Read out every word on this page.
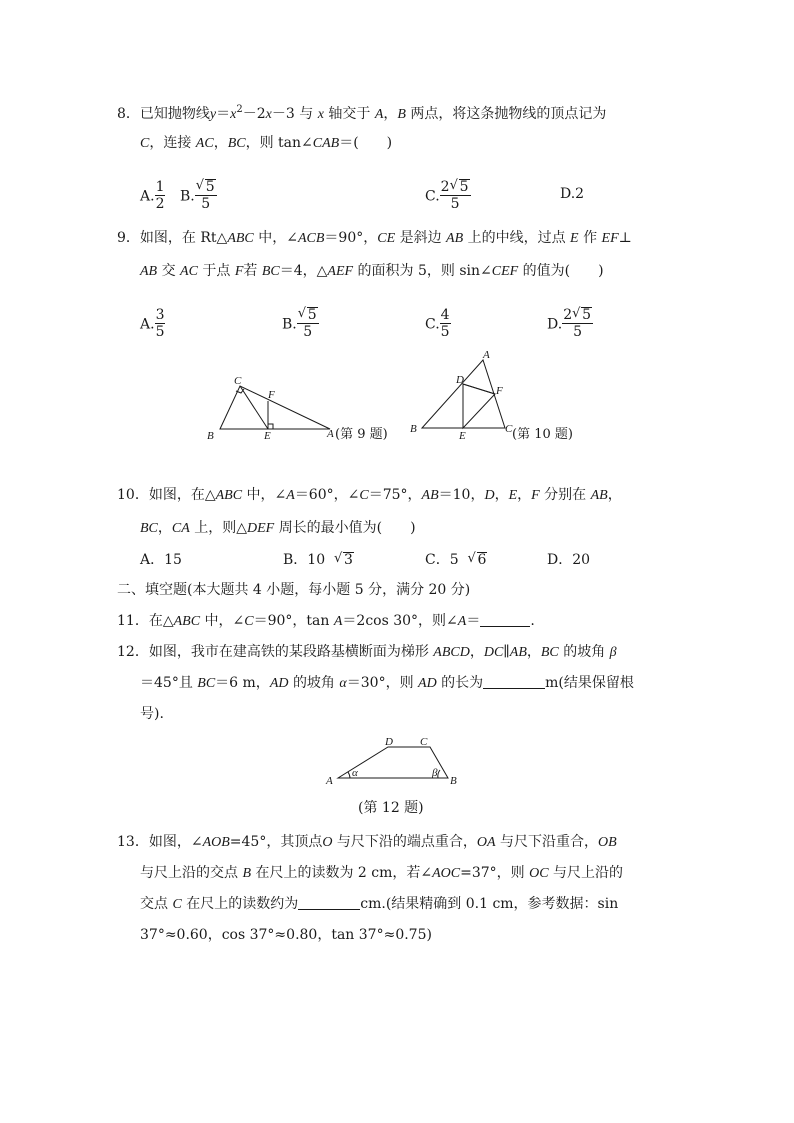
8．已知抛物线$y=x^2-2x-3$ 与 x 轴交于 A，B 两点，将这条抛物线的顶点记为
C，连接 AC，BC，则 tan∠CAB＝(　　)
A. $\frac{1}{2} B$. √ $\frac{5}{5}$	C. $\frac{2 √ 5}{5}$	D.2
9．如图，在 Rt△ABC 中，∠ACB＝90°，CE 是斜边 AB 上的中线，过点 E 作 EF⊥
AB 交 AC 于点 F若 BC＝4，△AEF 的面积为 5，则 sin∠CEF 的值为(　　)
A. $\frac{3}{5}$	B. √ $\frac{5}{5}$	C. $\frac{4}{5}$	D. $\frac{2 √ 5}{5}$
C
F
B	E	A (第 9 题)
A
D
F
B
E
C (第 10 题)
10．如图，在△ABC 中，∠A＝60°，∠C＝75°，AB＝10，D，E，F 分别在 AB，
BC，CA 上，则△DEF 周长的最小值为(　　)
A．15	B．10 √ 3	C．5 √ 6	D．20
二、填空题(本大题共 4 小题，每小题 5 分，满分 20 分)
11．在△ABC 中，∠C＝90°，tan A＝2cos 30°，则∠A＝	.
12．如图，我市在建高铁的某段路基横断面为梯形 ABCD，DC∥AB，BC 的坡角 β
＝45°且 BC＝6 m，AD 的坡角 α＝30°，则 AD 的长为	m(结果保留根
号).
D C
A
α	β
B
(第 12 题)
13．如图，∠AOB=45°，其顶点O 与尺下沿的端点重合，OA 与尺下沿重合，OB
与尺上沿的交点 B 在尺上的读数为 2 cm，若∠AOC=37°，则 OC 与尺上沿的
交点 C 在尺上的读数约为	cm.(结果精确到 0.1 cm，参考数据：sin
37°≈0.60，cos 37°≈0.80，tan 37°≈0.75)
